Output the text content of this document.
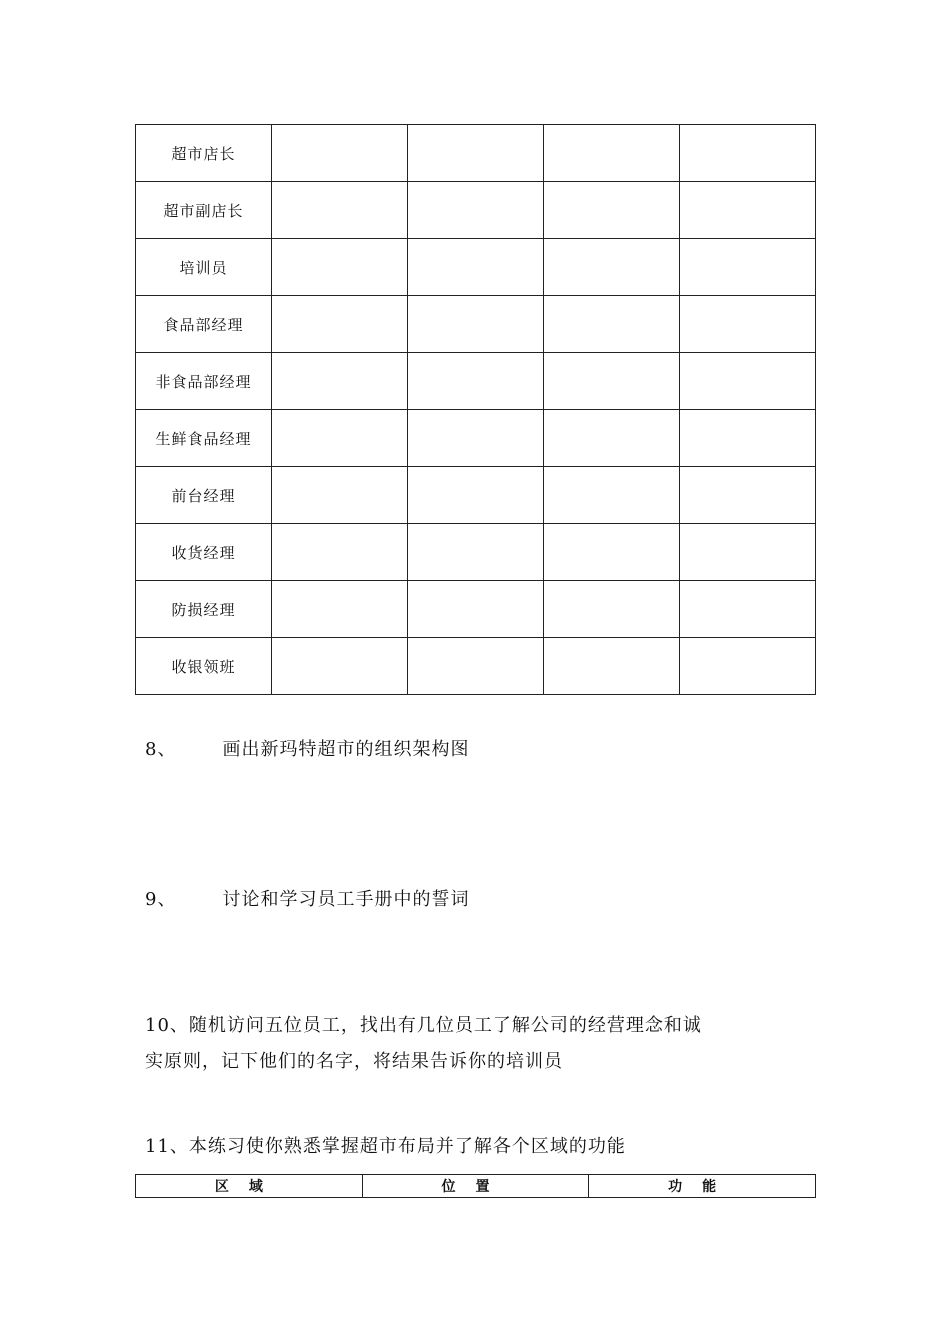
超市店长				
超市副店长				
培训员				
食品部经理				
非食品部经理				
生鲜食品经理				
前台经理				
收货经理				
防损经理				
收银领班				
8、	画出新玛特超市的组织架构图
9、	讨论和学习员工手册中的誓词
10、随机访问五位员工，找出有几位员工了解公司的经营理念和诚
实原则，记下他们的名字，将结果告诉你的培训员
11、本练习使你熟悉掌握超市布局并了解各个区域的功能
区域	位置	功能
